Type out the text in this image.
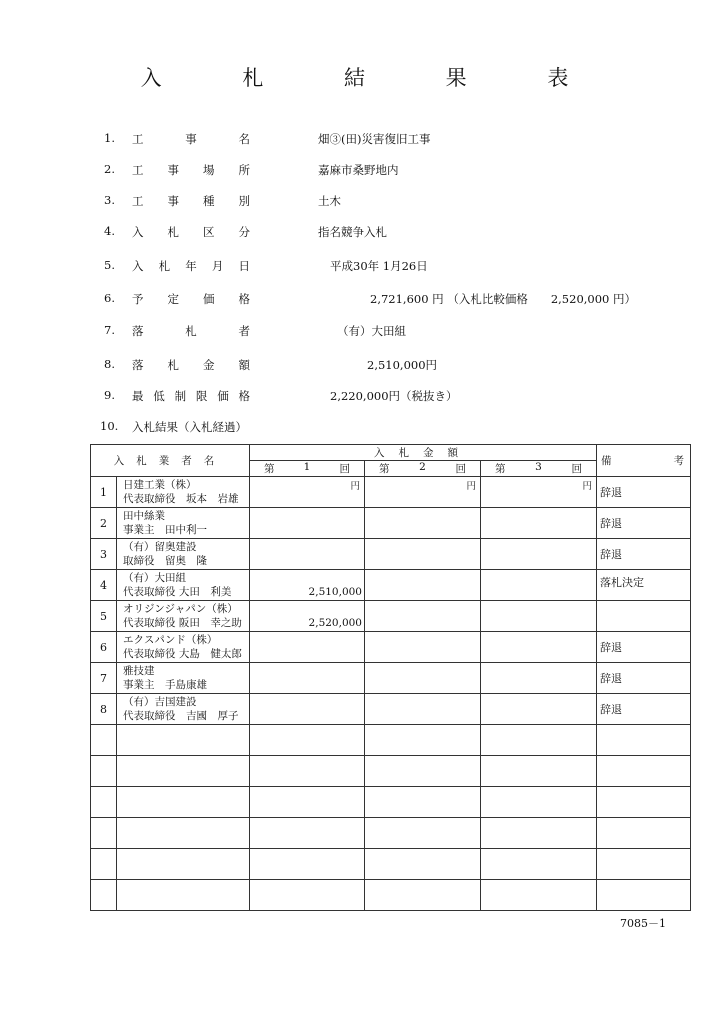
入 札 結 果 表
1.	工	事	名	畑③(田)災害復旧工事
2.	工 事 場 所	嘉麻市桑野地内
3.	工 事 種 別	土木
4.	入 札 区 分	指名競争入札
5.	入 札 年 月 日	平成30年 1月26日
6.	予 定 価 格	2,721,600 円 （入札比較価格　　2,520,000 円）
7.	落	札	者	（有）大田組
8.	落 札 金 額	2,510,000円
9.	最 低 制 限 価 格	2,220,000円（税抜き）
10.	入札結果（入札経過）
入札業者名		入札金額			備 考

		第 1 回	第 2 回	第 3 回	

1	日建工業（株）
代表取締役　坂本　岩雄	円	円	円	辞退
2	田中絲業
事業主　田中利一				辞退
3	（有）留奥建設
取締役　留奥　隆				辞退
4	（有）大田組
代表取締役 大田　利美	2,510,000			落札決定
5	オリジンジャパン（株）
代表取締役 阪田　幸之助	2,520,000			

6	エクスパンド（株）
代表取締役 大島　健太郎				辞退
7	雅技建
事業主　手島康雄				辞退
8	（有）吉国建設
代表取締役　吉國　厚子				辞退

7085－1
